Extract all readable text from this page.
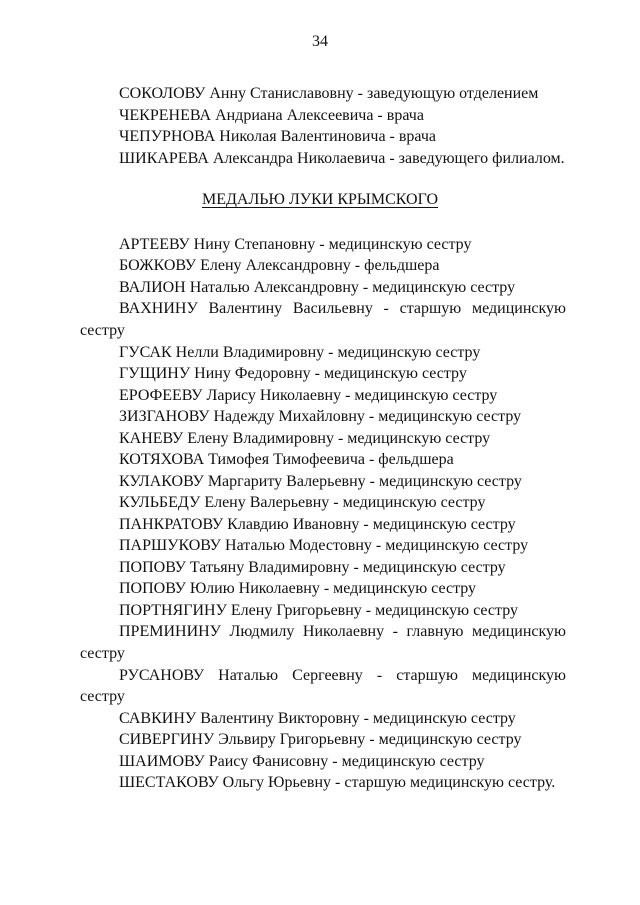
34
СОКОЛОВУ Анну Станиславовну - заведующую отделением
ЧЕКРЕНЕВА Андриана Алексеевича - врача
ЧЕПУРНОВА Николая Валентиновича - врача
ШИКАРЕВА Александра Николаевича - заведующего филиалом.
МЕДАЛЬЮ ЛУКИ КРЫМСКОГО
АРТЕЕВУ Нину Степановну - медицинскую сестру
БОЖКОВУ Елену Александровну - фельдшера
ВАЛИОН Наталью Александровну - медицинскую сестру
ВАХНИНУ Валентину Васильевну - старшую медицинскую
сестру
ГУСАК Нелли Владимировну - медицинскую сестру
ГУЩИНУ Нину Федоровну - медицинскую сестру
ЕРОФЕЕВУ Ларису Николаевну - медицинскую сестру
ЗИЗГАНОВУ Надежду Михайловну - медицинскую сестру
КАНЕВУ Елену Владимировну - медицинскую сестру
КОТЯХОВА Тимофея Тимофеевича - фельдшера
КУЛАКОВУ Маргариту Валерьевну - медицинскую сестру
КУЛЬБЕДУ Елену Валерьевну - медицинскую сестру
ПАНКРАТОВУ Клавдию Ивановну - медицинскую сестру
ПАРШУКОВУ Наталью Модестовну - медицинскую сестру
ПОПОВУ Татьяну Владимировну - медицинскую сестру
ПОПОВУ Юлию Николаевну - медицинскую сестру
ПОРТНЯГИНУ Елену Григорьевну - медицинскую сестру
ПРЕМИНИНУ Людмилу Николаевну - главную медицинскую
сестру
РУСАНОВУ Наталью Сергеевну - старшую медицинскую
сестру
САВКИНУ Валентину Викторовну - медицинскую сестру
СИВЕРГИНУ Эльвиру Григорьевну - медицинскую сестру
ШАИМОВУ Раису Фанисовну - медицинскую сестру
ШЕСТАКОВУ Ольгу Юрьевну - старшую медицинскую сестру.
